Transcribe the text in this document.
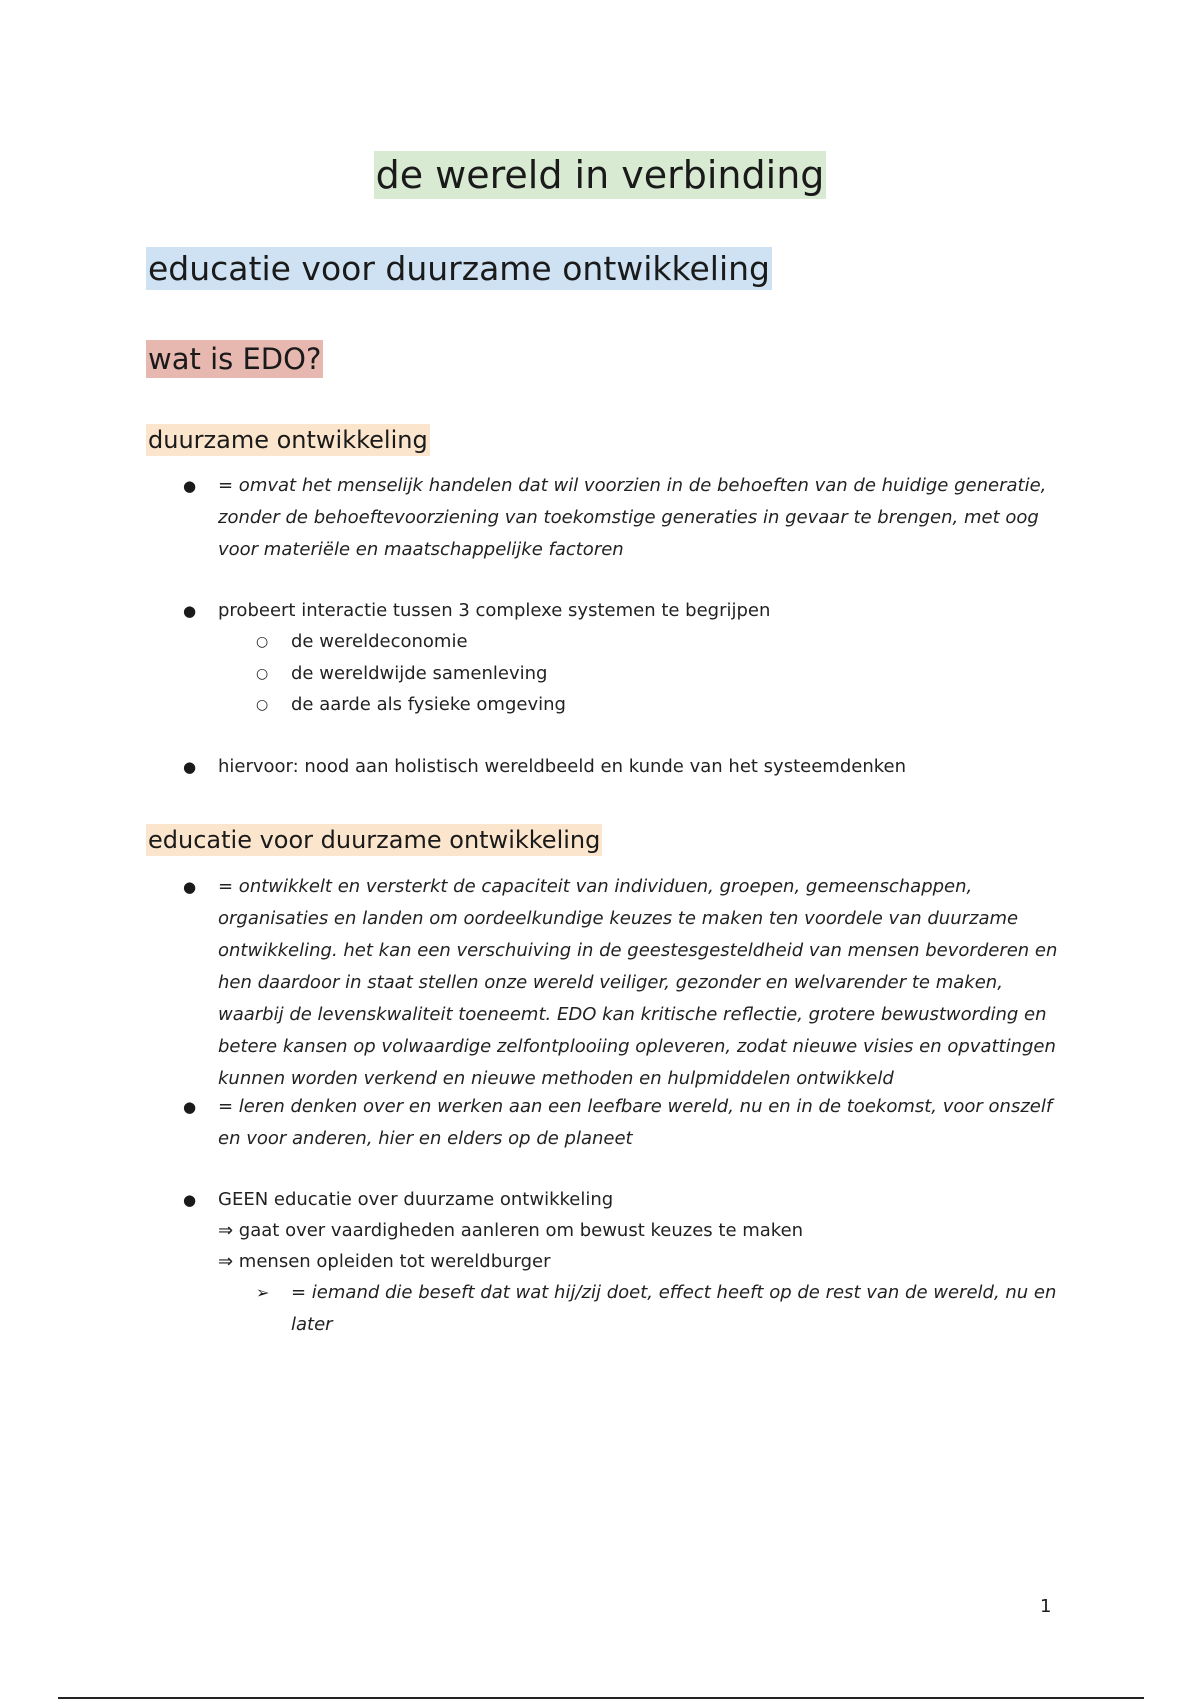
de wereld in verbinding
educatie voor duurzame ontwikkeling
wat is EDO?
duurzame ontwikkeling
● = omvat het menselijk handelen dat wil voorzien in de behoeften van de huidige generatie, zonder de behoeftevoorziening van toekomstige generaties in gevaar te brengen, met oog voor materiële en maatschappelijke factoren
● probeert interactie tussen 3 complexe systemen te begrijpen
○ de wereldeconomie
○ de wereldwijde samenleving
○ de aarde als fysieke omgeving
● hiervoor: nood aan holistisch wereldbeeld en kunde van het systeemdenken
educatie voor duurzame ontwikkeling
● = ontwikkelt en versterkt de capaciteit van individuen, groepen, gemeenschappen, organisaties en landen om oordeelkundige keuzes te maken ten voordele van duurzame ontwikkeling. het kan een verschuiving in de geestesgesteldheid van mensen bevorderen en hen daardoor in staat stellen onze wereld veiliger, gezonder en welvarender te maken, waarbij de levenskwaliteit toeneemt. EDO kan kritische reflectie, grotere bewustwording en betere kansen op volwaardige zelfontplooiing opleveren, zodat nieuwe visies en opvattingen kunnen worden verkend en nieuwe methoden en hulpmiddelen ontwikkeld
● = leren denken over en werken aan een leefbare wereld, nu en in de toekomst, voor onszelf en voor anderen, hier en elders op de planeet
● GEEN educatie over duurzame ontwikkeling
⇒ gaat over vaardigheden aanleren om bewust keuzes te maken
⇒ mensen opleiden tot wereldburger
➢ = iemand die beseft dat wat hij/zij doet, effect heeft op de rest van de wereld, nu en later
1
